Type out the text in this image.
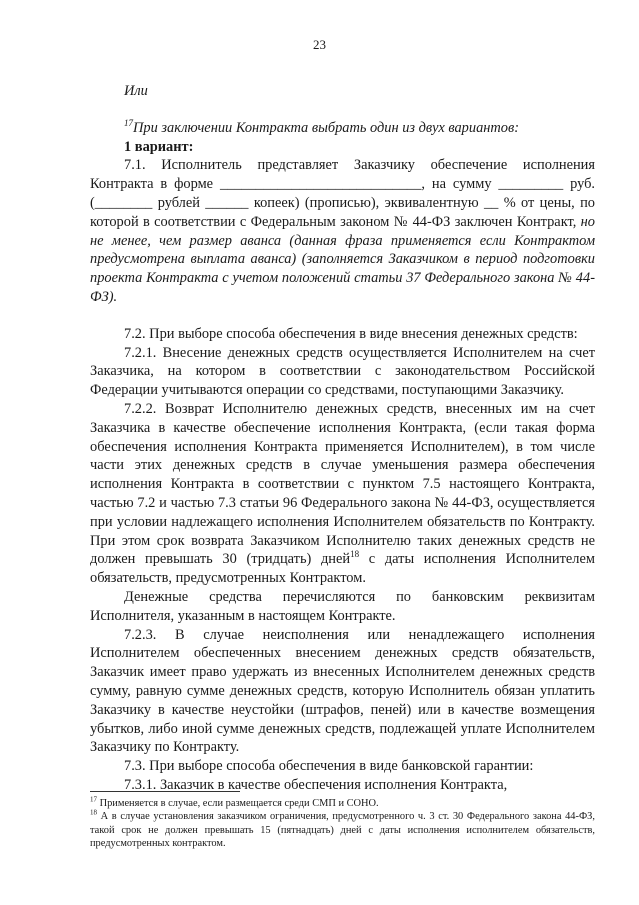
23

Или

$^{17}$При заключении Контракта выбрать один из двух вариантов:

1 вариант:

7.1. Исполнитель представляет Заказчику обеспечение исполнения Контракта в форме ____________________________, на сумму _________ руб. (________ рублей ______ копеек) (прописью), эквивалентную __ % от цены, по которой в соответствии с Федеральным законом № 44-ФЗ заключен Контракт, но не менее, чем размер аванса (данная фраза применяется если Контрактом предусмотрена выплата аванса) (заполняется Заказчиком в период подготовки проекта Контракта с учетом положений статьи 37 Федерального закона № 44-ФЗ).

7.2. При выборе способа обеспечения в виде внесения денежных средств:

7.2.1. Внесение денежных средств осуществляется Исполнителем на счет Заказчика, на котором в соответствии с законодательством Российской Федерации учитываются операции со средствами, поступающими Заказчику.

7.2.2. Возврат Исполнителю денежных средств, внесенных им на счет Заказчика в качестве обеспечение исполнения Контракта, (если такая форма обеспечения исполнения Контракта применяется Исполнителем), в том числе части этих денежных средств в случае уменьшения размера обеспечения исполнения Контракта в соответствии с пунктом 7.5 настоящего Контракта, частью 7.2 и частью 7.3 статьи 96 Федерального закона № 44-ФЗ, осуществляется при условии надлежащего исполнения Исполнителем обязательств по Контракту. При этом срок возврата Заказчиком Исполнителю таких денежных средств не должен превышать 30 (тридцать) дней$^{18}$ с даты исполнения Исполнителем обязательств, предусмотренных Контрактом.

Денежные средства перечисляются по банковским реквизитам Исполнителя, указанным в настоящем Контракте.

7.2.3. В случае неисполнения или ненадлежащего исполнения Исполнителем обеспеченных внесением денежных средств обязательств, Заказчик имеет право удержать из внесенных Исполнителем денежных средств сумму, равную сумме денежных средств, которую Исполнитель обязан уплатить Заказчику в качестве неустойки (штрафов, пеней) или в качестве возмещения убытков, либо иной сумме денежных средств, подлежащей уплате Исполнителем Заказчику по Контракту.

7.3. При выборе способа обеспечения в виде банковской гарантии:

7.3.1. Заказчик в качестве обеспечения исполнения Контракта,

$^{17}$ Применяется в случае, если размещается среди СМП и СОНО.

$^{18}$ А в случае установления заказчиком ограничения, предусмотренного ч. 3 ст. 30 Федерального закона 44-ФЗ, такой срок не должен превышать 15 (пятнадцать) дней с даты исполнения исполнителем обязательств, предусмотренных контрактом.
